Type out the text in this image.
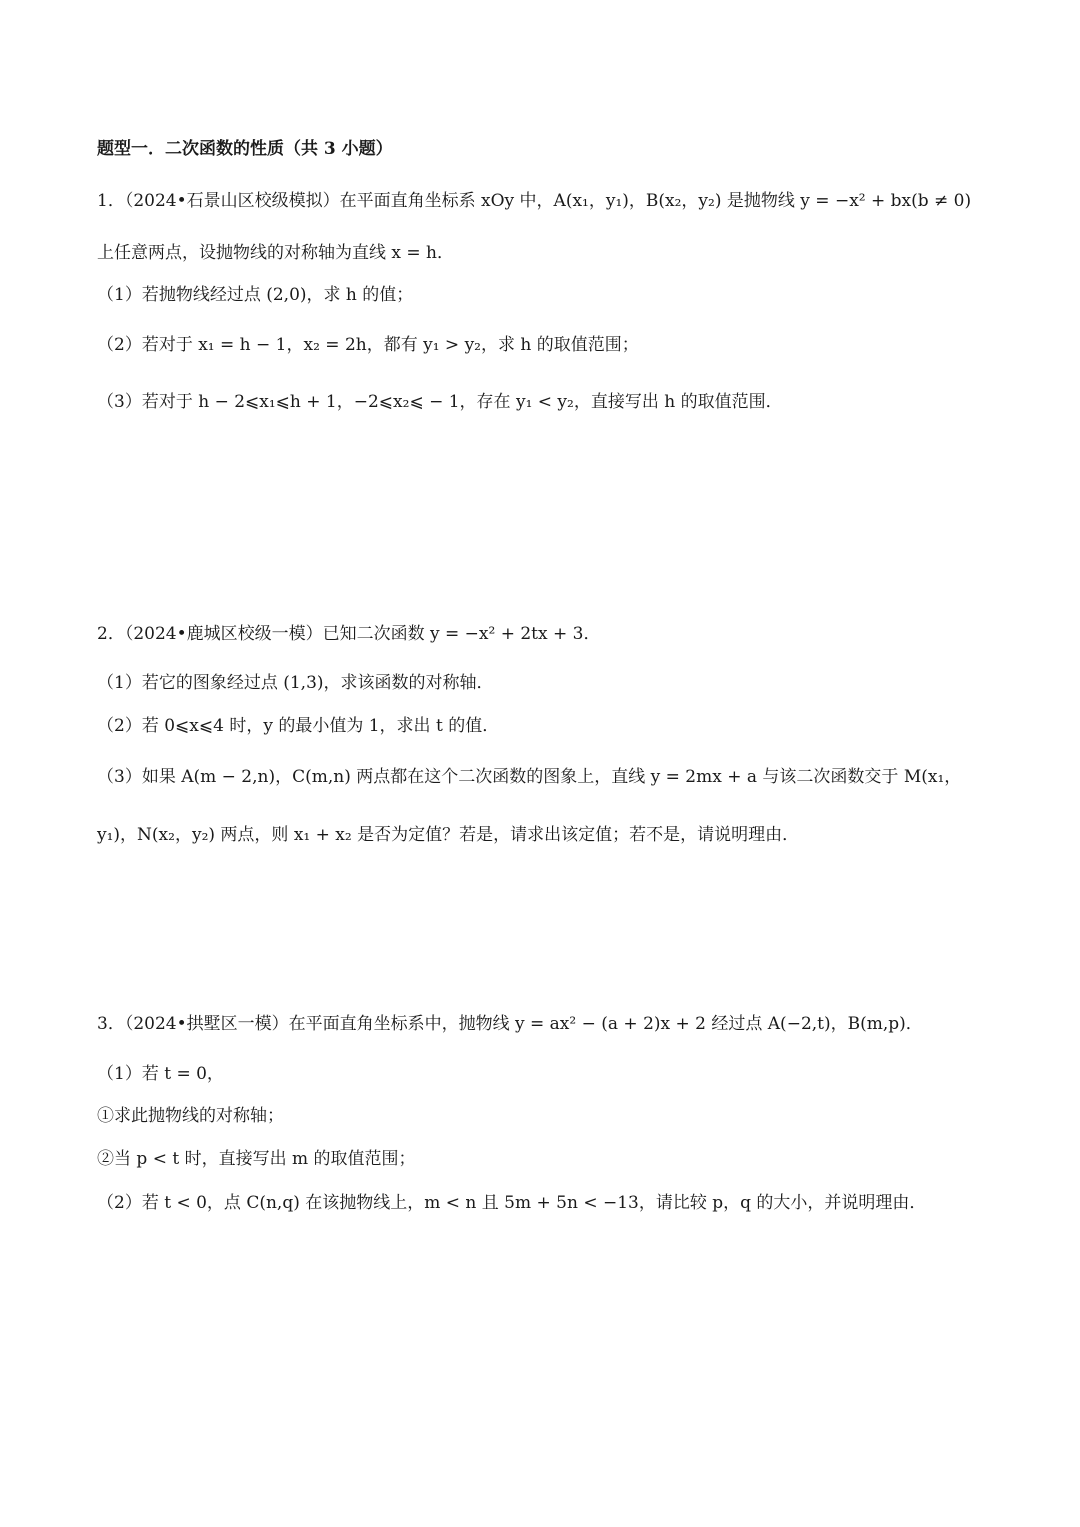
题型一．二次函数的性质（共 3 小题）
1．（2024•石景山区校级模拟）在平面直角坐标系 xOy 中，A(x₁，y₁)，B(x₂，y₂) 是抛物线 y = −x² + bx(b ≠ 0)
上任意两点，设抛物线的对称轴为直线 x = h．
（1）若抛物线经过点 (2,0)，求 h 的值；
（2）若对于 x₁ = h − 1，x₂ = 2h，都有 y₁ > y₂，求 h 的取值范围；
（3）若对于 h − 2⩽x₁⩽h + 1，−2⩽x₂⩽ − 1，存在 y₁ < y₂，直接写出 h 的取值范围．
2．（2024•鹿城区校级一模）已知二次函数 y = −x² + 2tx + 3．
（1）若它的图象经过点 (1,3)，求该函数的对称轴．
（2）若 0⩽x⩽4 时，y 的最小值为 1，求出 t 的值．
（3）如果 A(m − 2,n)，C(m,n) 两点都在这个二次函数的图象上，直线 y = 2mx + a 与该二次函数交于 M(x₁，
y₁)，N(x₂，y₂) 两点，则 x₁ + x₂ 是否为定值？若是，请求出该定值；若不是，请说明理由．
3．（2024•拱墅区一模）在平面直角坐标系中，抛物线 y = ax² − (a + 2)x + 2 经过点 A(−2,t)，B(m,p)．
（1）若 t = 0，
①求此抛物线的对称轴；
②当 p < t 时，直接写出 m 的取值范围；
（2）若 t < 0，点 C(n,q) 在该抛物线上，m < n 且 5m + 5n < −13，请比较 p，q 的大小，并说明理由．
